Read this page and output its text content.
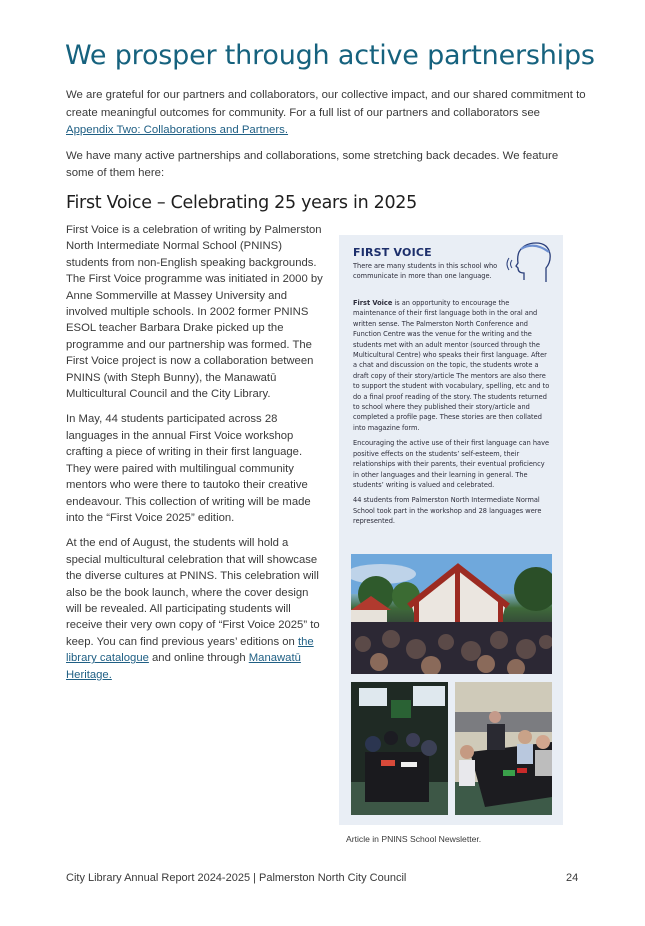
We prosper through active partnerships

We are grateful for our partners and collaborators, our collective impact, and our shared commitment to create meaningful outcomes for community. For a full list of our partners and collaborators see Appendix Two: Collaborations and Partners.

We have many active partnerships and collaborations, some stretching back decades. We feature some of them here:

First Voice – Celebrating 25 years in 2025

First Voice is a celebration of writing by Palmerston North Intermediate Normal School (PNINS) students from non-English speaking backgrounds. The First Voice programme was initiated in 2000 by Anne Sommerville at Massey University and involved multiple schools. In 2002 former PNINS ESOL teacher Barbara Drake picked up the programme and our partnership was formed. The First Voice project is now a collaboration between PNINS (with Steph Bunny), the Manawatū Multicultural Council and the City Library.

In May, 44 students participated across 28 languages in the annual First Voice workshop crafting a piece of writing in their first language. They were paired with multilingual community mentors who were there to tautoko their creative endeavour. This collection of writing will be made into the “First Voice 2025” edition.

At the end of August, the students will hold a special multicultural celebration that will showcase the diverse cultures at PNINS. This celebration will also be the book launch, where the cover design will be revealed. All participating students will receive their very own copy of “First Voice 2025” to keep. You can find previous years’ editions on the library catalogue and online through Manawatū Heritage.

FIRST VOICE
There are many students in this school who communicate in more than one language.

First Voice is an opportunity to encourage the maintenance of their first language both in the oral and written sense. The Palmerston North Conference and Function Centre was the venue for the writing and the students met with an adult mentor (sourced through the Multicultural Centre) who speaks their first language. After a chat and discussion on the topic, the students wrote a draft copy of their story/article The mentors are also there to support the student with vocabulary, spelling, etc and to do a final proof reading of the story. The students returned to school where they published their story/article and completed a profile page. These stories are then collated into magazine form.

Encouraging the active use of their first language can have positive effects on the students’ self-esteem, their relationships with their parents, their eventual proficiency in other languages and their learning in general. The students’ writing is valued and celebrated.

44 students from Palmerston North Intermediate Normal School took part in the workshop and 28 languages were represented.

Article in PNINS School Newsletter.
City Library Annual Report 2024-2025 | Palmerston North City Council	24
